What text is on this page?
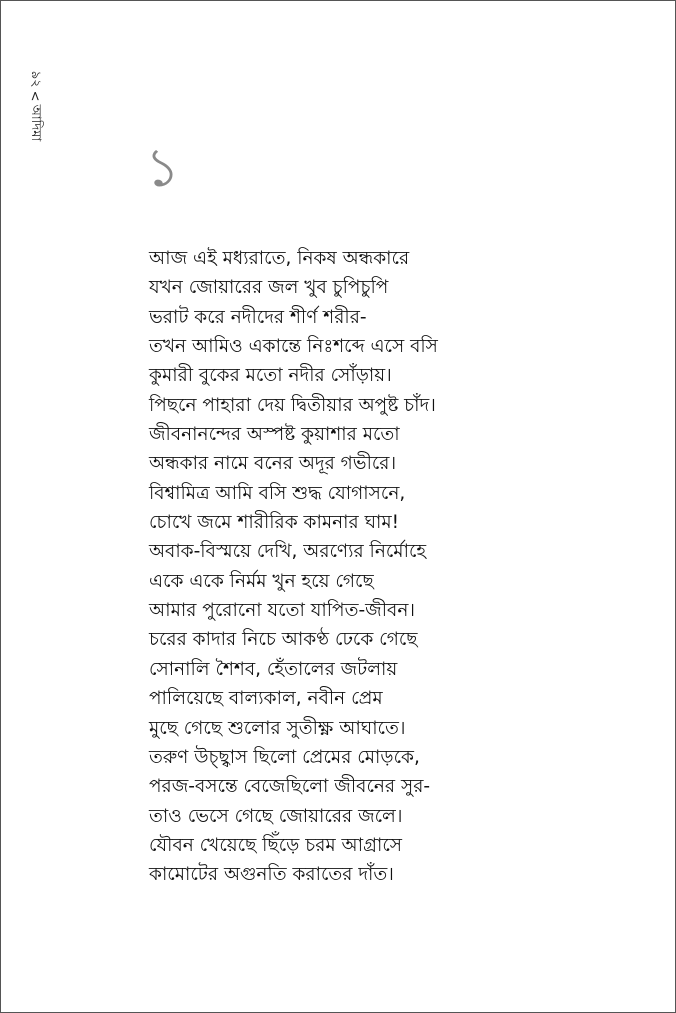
৯২
<
আদিমা
১
আজ এই মধ্যরাতে, নিকষ অন্ধকারে
যখন জোয়ারের জল খুব চুপিচুপি
ভরাট করে নদীদের শীর্ণ শরীর-
তখন আমিও একান্তে নিঃশব্দে এসে বসি
কুমারী বুকের মতো নদীর সোঁড়ায়।
পিছনে পাহারা দেয় দ্বিতীয়ার অপুষ্ট চাঁদ।
জীবনানন্দের অস্পষ্ট কুয়াশার মতো
অন্ধকার নামে বনের অদূর গভীরে।
বিশ্বামিত্র আমি বসি শুদ্ধ যোগাসনে,
চোখে জমে শারীরিক কামনার ঘাম!
অবাক-বিস্ময়ে দেখি, অরণ্যের নির্মোহে
একে একে নির্মম খুন হয়ে গেছে
আমার পুরোনো যতো যাপিত-জীবন।
চরের কাদার নিচে আকণ্ঠ ঢেকে গেছে
সোনালি শৈশব, হেঁতালের জটলায়
পালিয়েছে বাল্যকাল, নবীন প্রেম
মুছে গেছে শুলোর সুতীক্ষ্ণ আঘাতে।
তরুণ উচ্ছ্বাস ছিলো প্রেমের মোড়কে,
পরজ-বসন্তে বেজেছিলো জীবনের সুর-
তাও ভেসে গেছে জোয়ারের জলে।
যৌবন খেয়েছে ছিঁড়ে চরম আগ্রাসে
কামোটের অগুনতি করাতের দাঁত।
